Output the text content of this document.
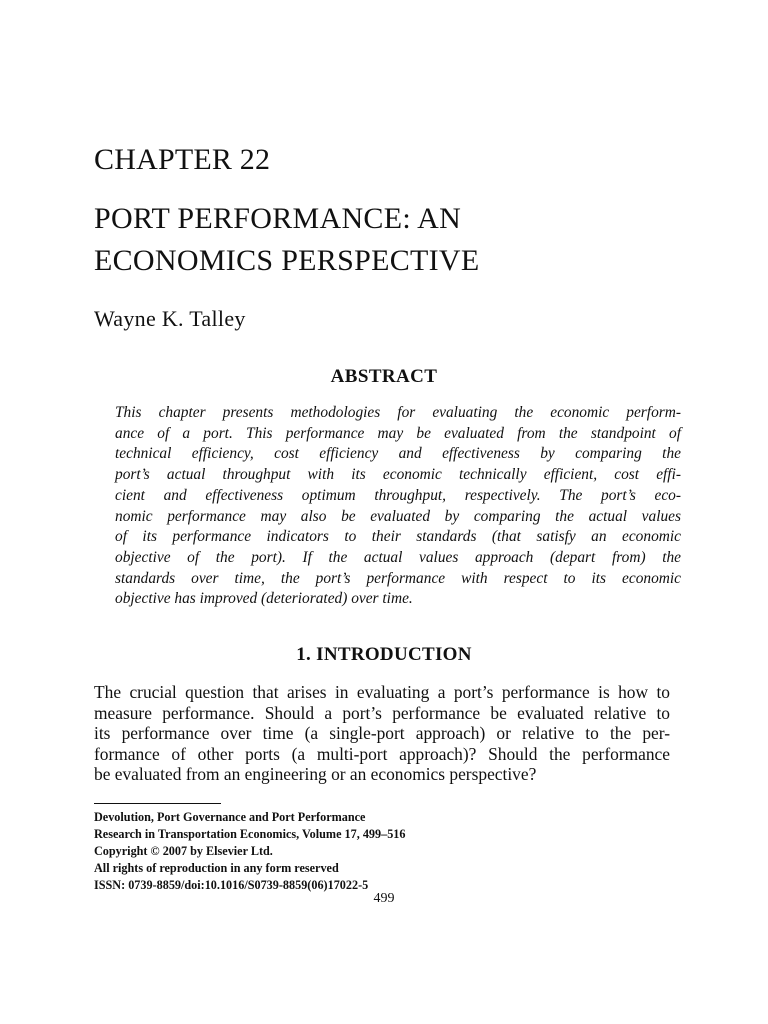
CHAPTER 22
PORT PERFORMANCE: AN
ECONOMICS PERSPECTIVE
Wayne K. Talley
ABSTRACT
This chapter presents methodologies for evaluating the economic perform-
ance of a port. This performance may be evaluated from the standpoint of
technical efficiency, cost efficiency and effectiveness by comparing the
port’s actual throughput with its economic technically efficient, cost effi-
cient and effectiveness optimum throughput, respectively. The port’s eco-
nomic performance may also be evaluated by comparing the actual values
of its performance indicators to their standards (that satisfy an economic
objective of the port). If the actual values approach (depart from) the
standards over time, the port’s performance with respect to its economic
objective has improved (deteriorated) over time.
1. INTRODUCTION
The crucial question that arises in evaluating a port’s performance is how to
measure performance. Should a port’s performance be evaluated relative to
its performance over time (a single-port approach) or relative to the per-
formance of other ports (a multi-port approach)? Should the performance
be evaluated from an engineering or an economics perspective?
Devolution, Port Governance and Port Performance
Research in Transportation Economics, Volume 17, 499–516
Copyright © 2007 by Elsevier Ltd.
All rights of reproduction in any form reserved
ISSN: 0739-8859/doi:10.1016/S0739-8859(06)17022-5
499
